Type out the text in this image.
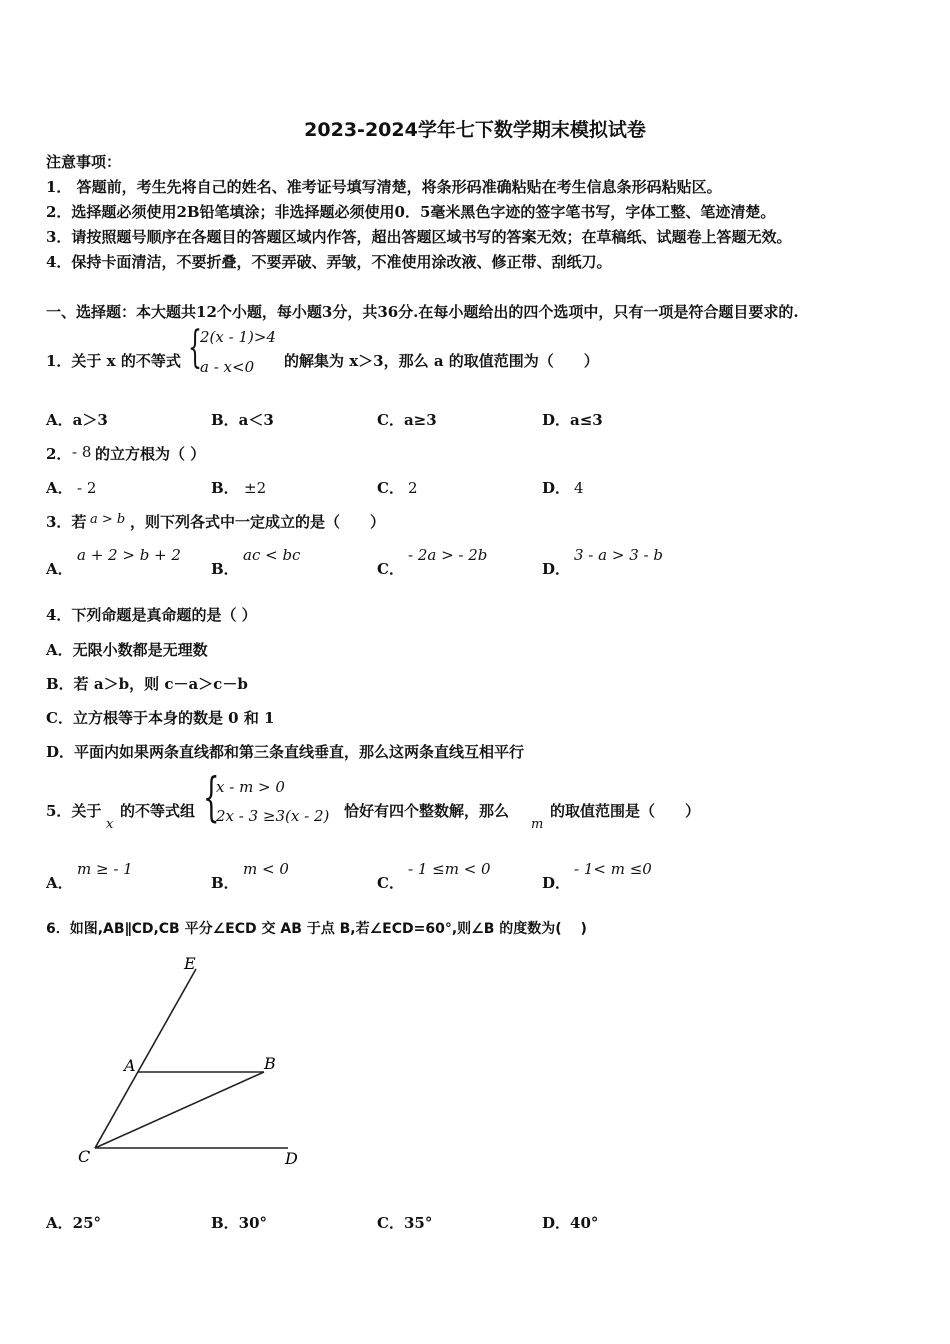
2023-2024学年七下数学期末模拟试卷
注意事项：
1． 答题前，考生先将自己的姓名、准考证号填写清楚，将条形码准确粘贴在考生信息条形码粘贴区。
2．选择题必须使用2B铅笔填涂；非选择题必须使用0．5毫米黑色字迹的签字笔书写，字体工整、笔迹清楚。
3．请按照题号顺序在各题目的答题区域内作答，超出答题区域书写的答案无效；在草稿纸、试题卷上答题无效。
4．保持卡面清洁，不要折叠，不要弄破、弄皱，不准使用涂改液、修正带、刮纸刀。
一、选择题：本大题共12个小题，每小题3分，共36分.在每小题给出的四个选项中，只有一项是符合题目要求的.
1．关于 x 的不等式 {
2(x - 1)>4
a - x<0 的解集为 x＞3，那么 a 的取值范围为（　　）
A．a＞3	B．a＜3	C．a≥3	D．a≤3
2． - 8 的立方根为（ ）
A． - 2	B． ±2	C． 2	D． 4
3．若 a > b ，则下列各式中一定成立的是（　　）
A．
a + 2 > b + 2
B．
ac < bc
C．
- 2a > - 2b
D．
3 - a > 3 - b
4．下列命题是真命题的是（ ）
A．无限小数都是无理数
B．若 a＞b，则 c－a＞c－b
C．立方根等于本身的数是 0 和 1
D．平面内如果两条直线都和第三条直线垂直，那么这两条直线互相平行
5．关于
x
的不等式组 {
x - m > 0
2x - 3 ≥3(x - 2) 恰好有四个整数解，那么
m
的取值范围是（　　）
A．
m ≥ - 1
B．
m < 0
C．
- 1 ≤m < 0
D．
- 1< m ≤0
6．如图,AB∥CD,CB 平分∠ECD 交 AB 于点 B,若∠ECD=60°,则∠B 的度数为(　 )
E
A	B
C	D
A．25°	B．30°	C．35°	D．40°
